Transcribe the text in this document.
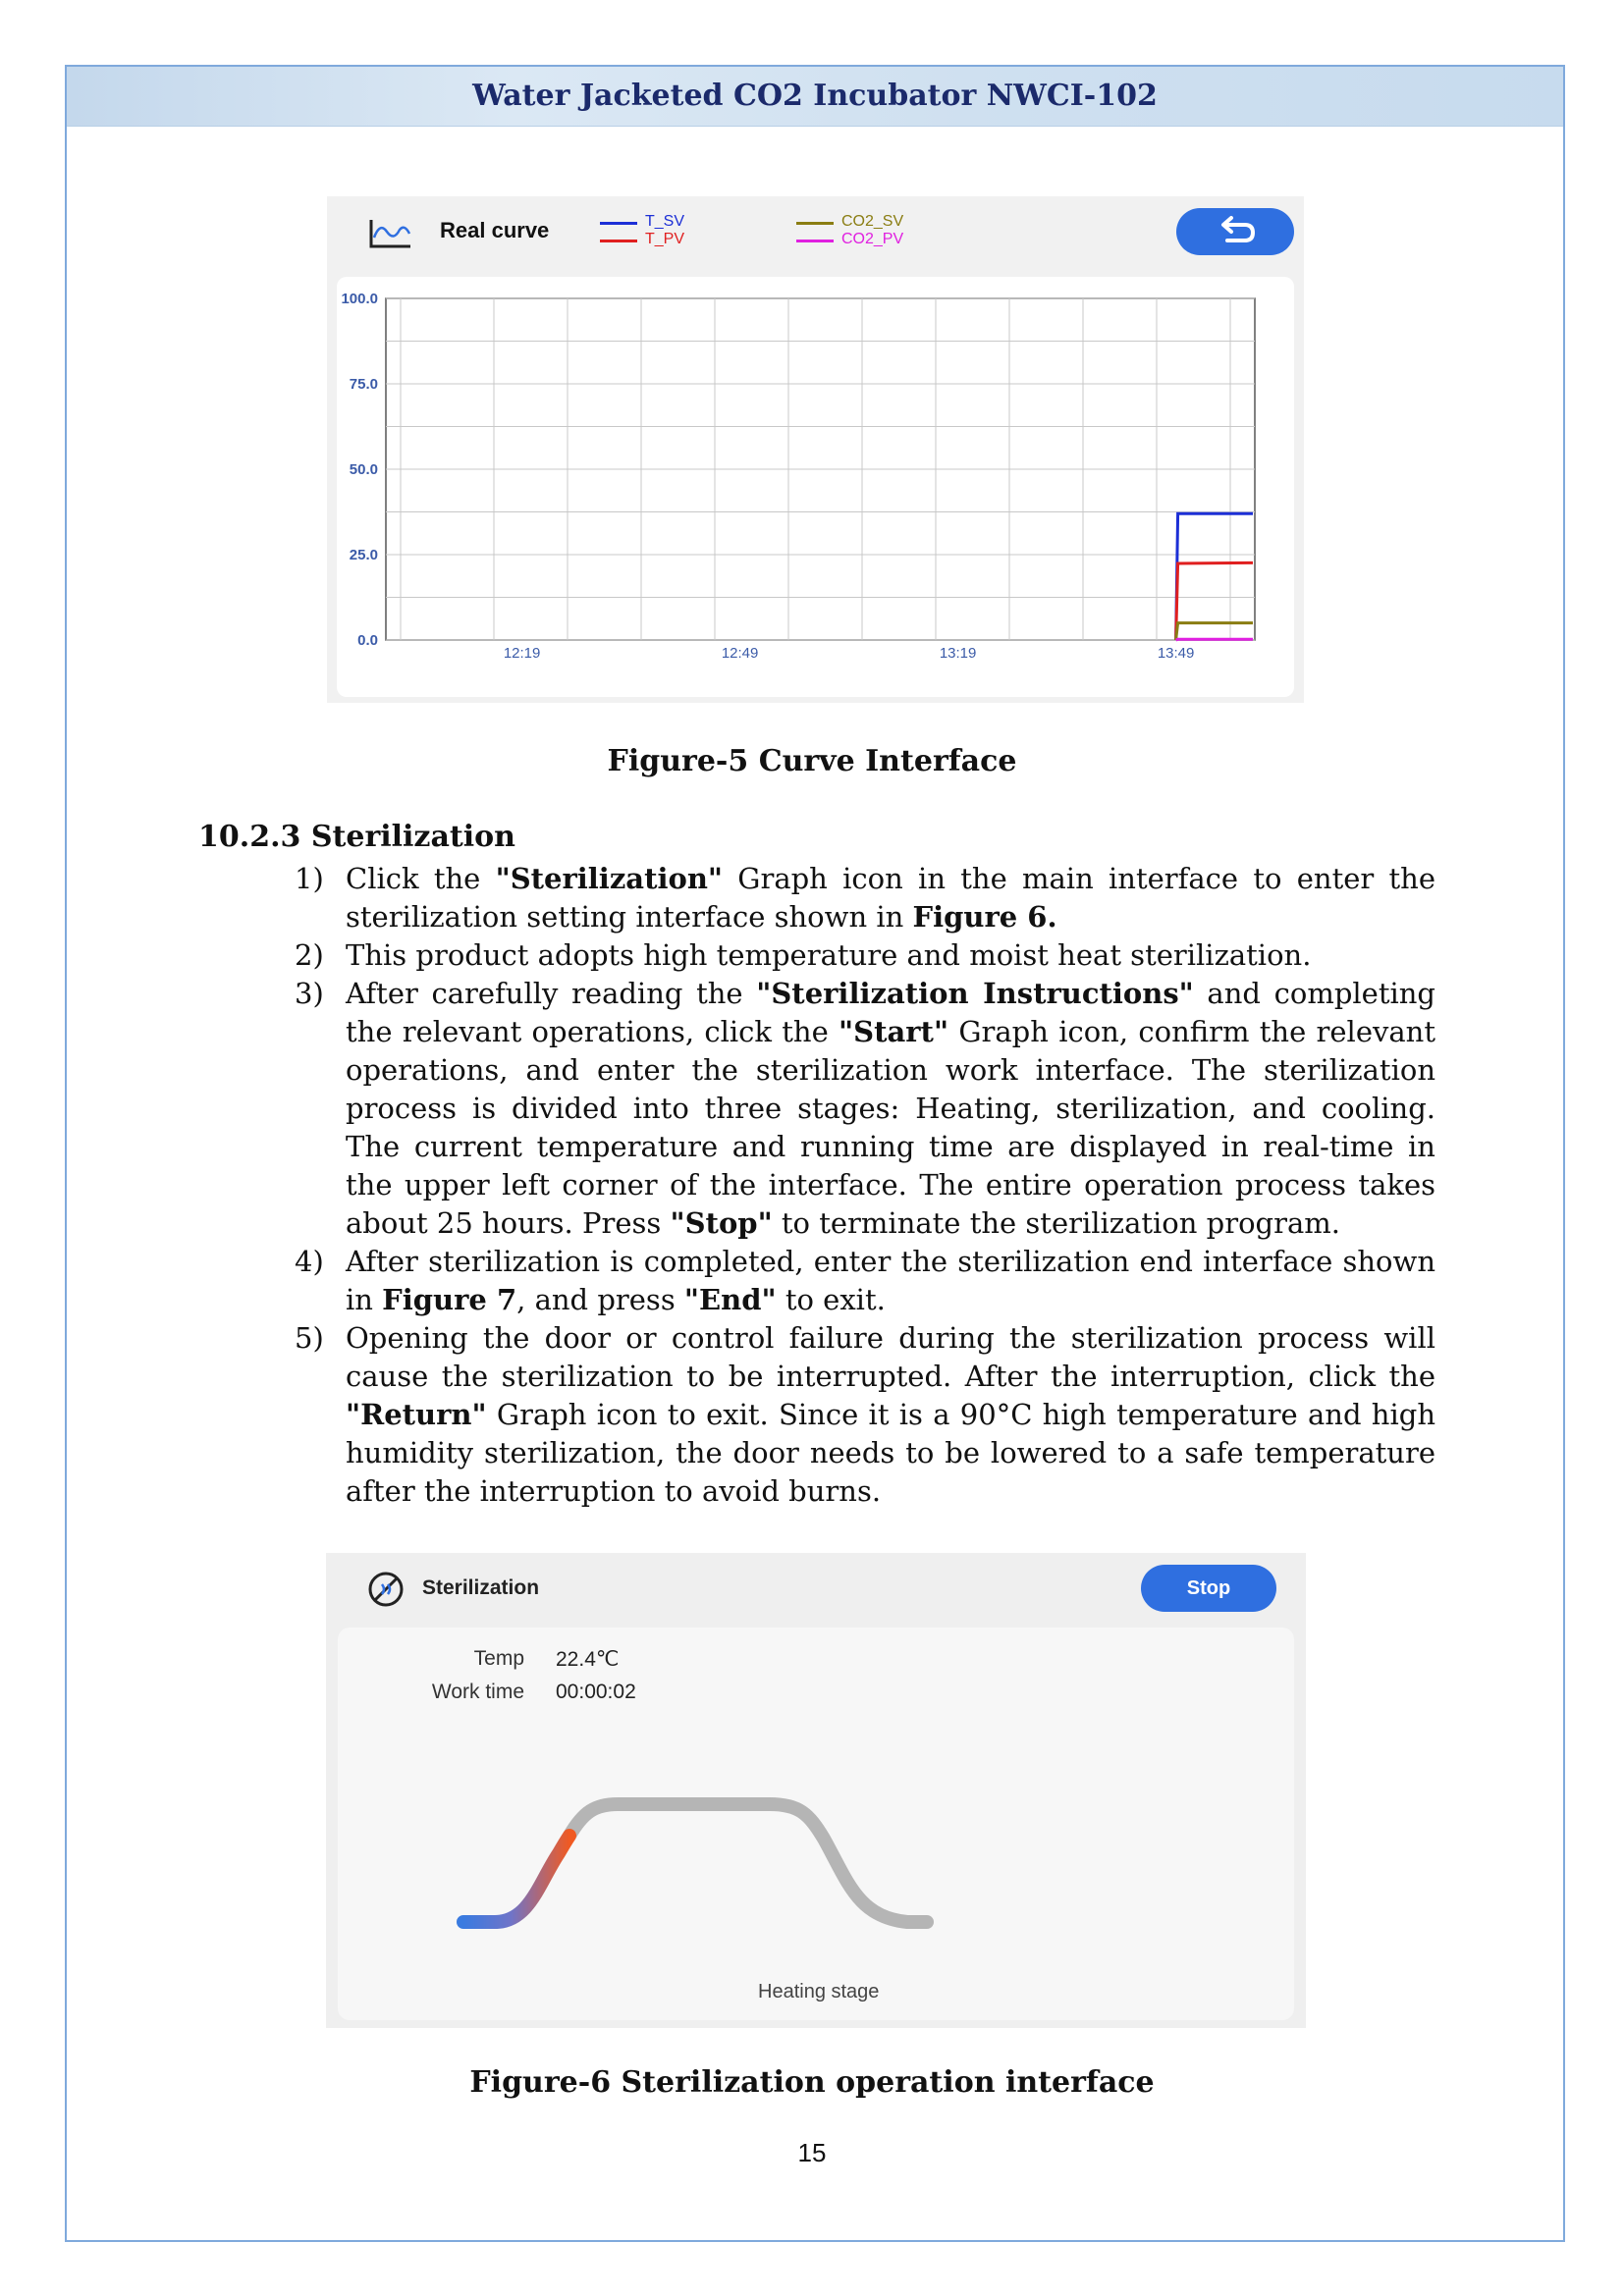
Water Jacketed CO2 Incubator NWCI-102
Real curve	T_SV
T_PV
CO2_SV
CO2_PV
100.0
75.0
50.0
25.0
0.0
12:19	12:49	13:19	13:49
Figure-5 Curve Interface
10.2.3 Sterilization
1) Click the "Sterilization" Graph icon in the main interface to enter the sterilization setting interface shown in Figure 6.
2) This product adopts high temperature and moist heat sterilization.
3) After carefully reading the "Sterilization Instructions" and completing the relevant operations, click the "Start" Graph icon, confirm the relevant operations, and enter the sterilization work interface. The sterilization process is divided into three stages: Heating, sterilization, and cooling. The current temperature and running time are displayed in real-time in the upper left corner of the interface. The entire operation process takes about 25 hours. Press "Stop" to terminate the sterilization program.
4) After sterilization is completed, enter the sterilization end interface shown in Figure 7, and press "End" to exit.
5) Opening the door or control failure during the sterilization process will cause the sterilization to be interrupted. After the interruption, click the "Return" Graph icon to exit. Since it is a 90°C high temperature and high humidity sterilization, the door needs to be lowered to a safe temperature after the interruption to avoid burns.
Sterilization	Stop
Temp 22.4℃
Work time 00:00:02
Heating stage
Figure-6 Sterilization operation interface
15
